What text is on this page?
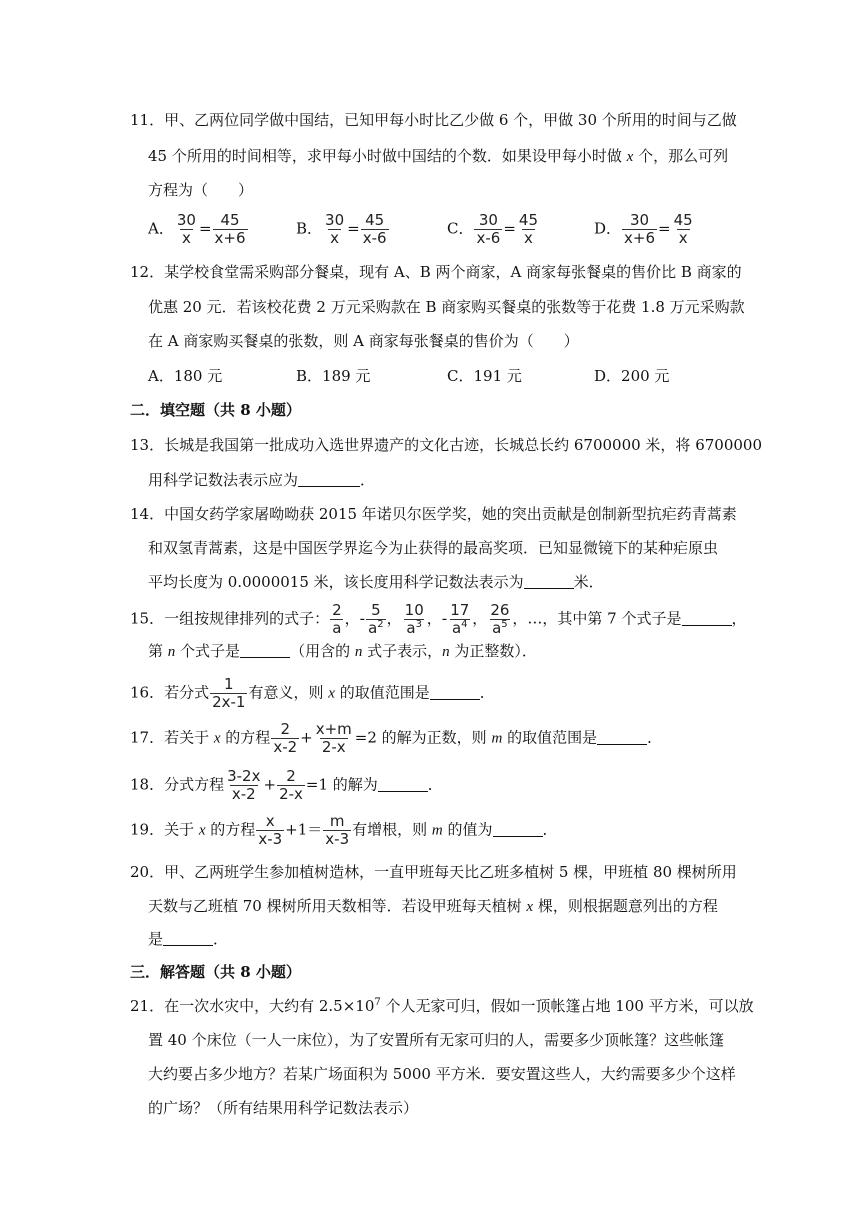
11．甲、乙两位同学做中国结，已知甲每小时比乙少做 6 个，甲做 30 个所用的时间与乙做
45 个所用的时间相等，求甲每小时做中国结的个数．如果设甲每小时做 x 个，那么可列
方程为（　　）
A． $\frac{30}{x} = \frac{45}{x+6}$	B． $\frac{30}{x} = \frac{45}{x-6}$	C． $\frac{30}{x-6} = \frac{45}{x}$	D． $\frac{30}{x+6} = \frac{45}{x}$
12．某学校食堂需采购部分餐桌，现有 A、B 两个商家，A 商家每张餐桌的售价比 B 商家的
优惠 20 元．若该校花费 2 万元采购款在 B 商家购买餐桌的张数等于花费 1.8 万元采购款
在 A 商家购买餐桌的张数，则 A 商家每张餐桌的售价为（　　）
A．180 元	B．189 元	C．191 元	D．200 元
二．填空题（共 8 小题）
13．长城是我国第一批成功入选世界遗产的文化古迹，长城总长约 6700000 米，将 6700000
用科学记数法表示应为	．
14．中国女药学家屠呦呦获 2015 年诺贝尔医学奖，她的突出贡献是创制新型抗疟药青蒿素
和双氢青蒿素，这是中国医学界迄今为止获得的最高奖项．已知显微镜下的某种疟原虫
平均长度为 0.0000015 米，该长度用科学记数法表示为	米．
15．一组按规律排列的式子： $\frac{2}{a}$ ，- $\frac{5}{a^2}$ ， $\frac{10}{a^3}$ ，- $\frac{17}{a^4}$ ， $\frac{26}{a^5}$ ，…，其中第 7 个式子是	，
第 n 个式子是	（用含的 n 式子表示，n 为正整数）．
16．若分式 $\frac{1}{2x-1}$ 有意义，则 x 的取值范围是	．
17．若关于 x 的方程 $\frac{2}{x-2} + \frac{x+m}{2-x} =2$ 的解为正数，则 m 的取值范围是	．
18．分式方程 $\frac{3-2x}{x-2} + \frac{2}{2-x} =1$ 的解为	．
19．关于 x 的方程 $\frac{x}{x-3} +1= \frac{m}{x-3}$ 有增根，则 m 的值为	．
20．甲、乙两班学生参加植树造林，一直甲班每天比乙班多植树 5 棵，甲班植 80 棵树所用
天数与乙班植 70 棵树所用天数相等．若设甲班每天植树 x 棵，则根据题意列出的方程
是	．
三．解答题（共 8 小题）
21．在一次水灾中，大约有 $2.5\times 10^7$ 个人无家可归，假如一顶帐篷占地 100 平方米，可以放
置 40 个床位（一人一床位），为了安置所有无家可归的人，需要多少顶帐篷？这些帐篷
大约要占多少地方？若某广场面积为 5000 平方米．要安置这些人，大约需要多少个这样
的广场？（所有结果用科学记数法表示）
